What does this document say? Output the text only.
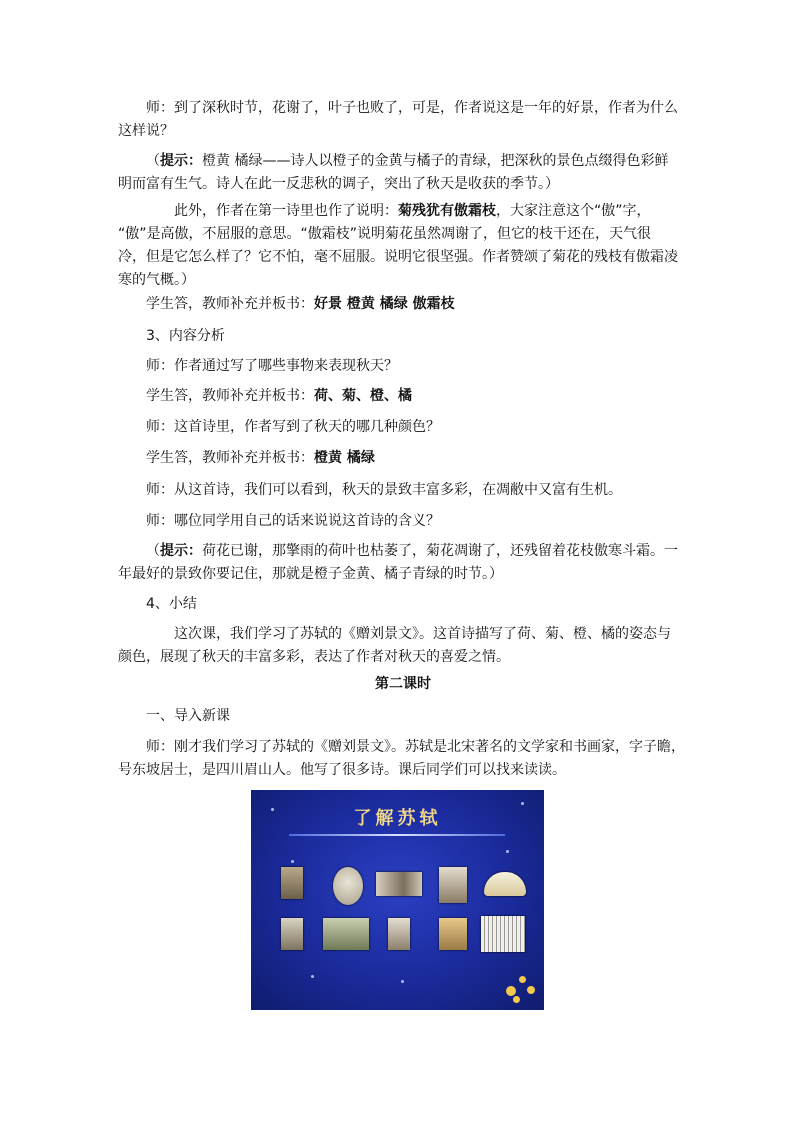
师：到了深秋时节，花谢了，叶子也败了，可是，作者说这是一年的好景，作者为什么
这样说？

（提示：橙黄 橘绿——诗人以橙子的金黄与橘子的青绿，把深秋的景色点缀得色彩鲜
明而富有生气。诗人在此一反悲秋的调子，突出了秋天是收获的季节。）

此外，作者在第一诗里也作了说明：菊残犹有傲霜枝，大家注意这个“傲”字，
“傲”是高傲，不屈服的意思。“傲霜枝”说明菊花虽然凋谢了，但它的枝干还在，天气很
冷，但是它怎么样了？它不怕，毫不屈服。说明它很坚强。作者赞颂了菊花的残枝有傲霜凌
寒的气概。）

学生答，教师补充并板书：好景 橙黄 橘绿 傲霜枝

3、内容分析

师：作者通过写了哪些事物来表现秋天？

学生答，教师补充并板书：荷、菊、橙、橘

师：这首诗里，作者写到了秋天的哪几种颜色？

学生答，教师补充并板书：橙黄 橘绿

师：从这首诗，我们可以看到，秋天的景致丰富多彩，在凋敝中又富有生机。

师：哪位同学用自己的话来说说这首诗的含义？

（提示：荷花已谢，那擎雨的荷叶也枯萎了，菊花凋谢了，还残留着花枝傲寒斗霜。一
年最好的景致你要记住，那就是橙子金黄、橘子青绿的时节。）

4、小结

这次课，我们学习了苏轼的《赠刘景文》。这首诗描写了荷、菊、橙、橘的姿态与
颜色，展现了秋天的丰富多彩，表达了作者对秋天的喜爱之情。

第二课时

一、导入新课

师：刚才我们学习了苏轼的《赠刘景文》。苏轼是北宋著名的文学家和书画家，字子瞻，
号东坡居士，是四川眉山人。他写了很多诗。课后同学们可以找来读读。

了解苏轼
